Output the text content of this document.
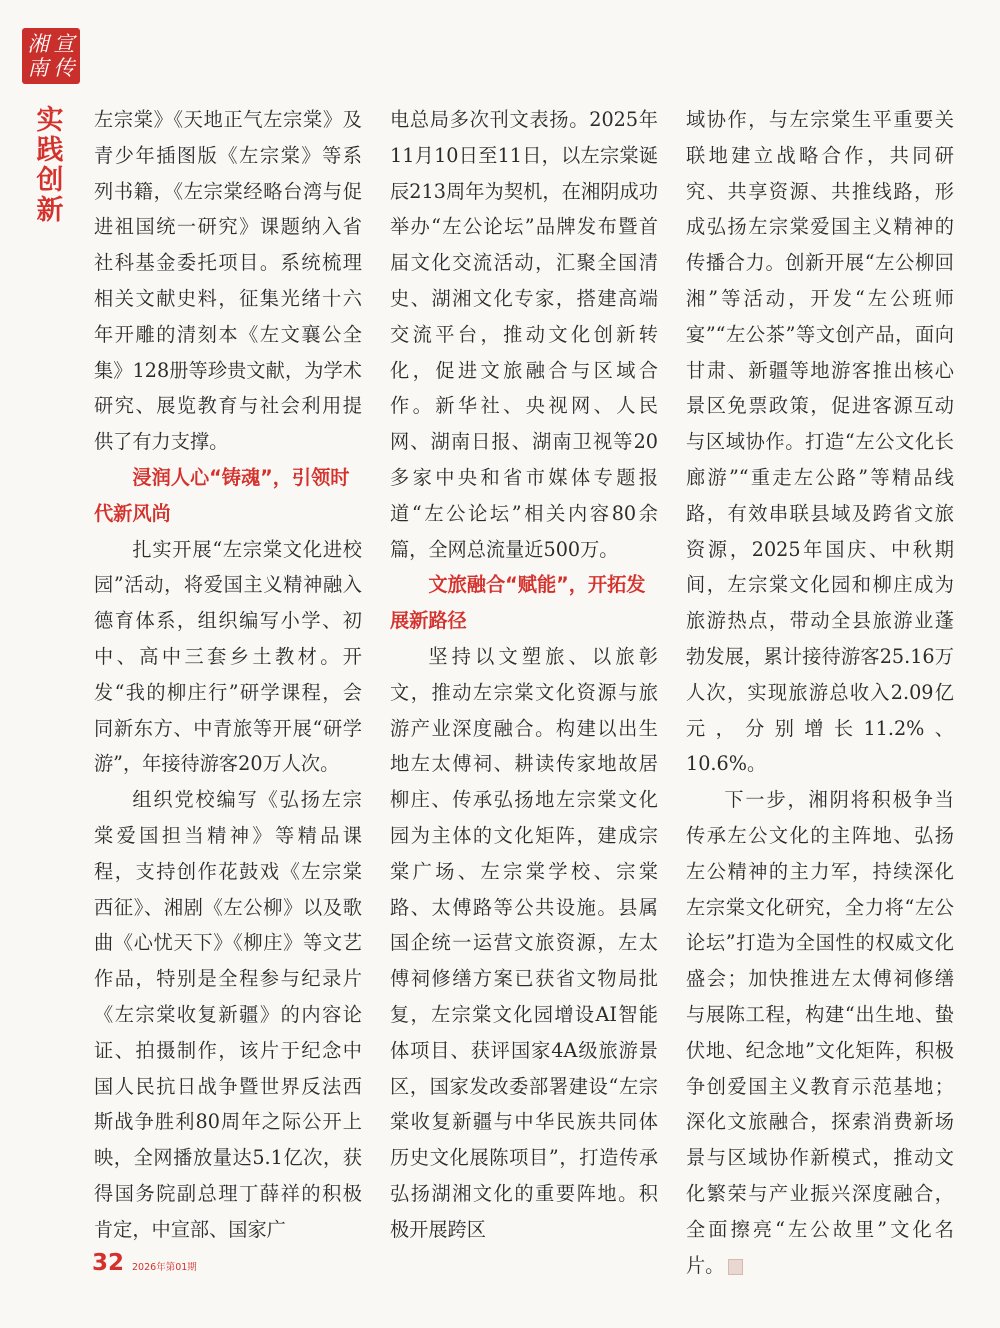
湘 宣
南 传
实
践
创
新

左宗棠》《天地正气左宗棠》及青少年插图版《左宗棠》等系列书籍，《左宗棠经略台湾与促进祖国统一研究》课题纳入省社科基金委托项目。系统梳理相关文献史料，征集光绪十六年开雕的清刻本《左文襄公全集》128册等珍贵文献，为学术研究、展览教育与社会利用提供了有力支撑。

浸润人心“铸魂”，引领时代新风尚

扎实开展“左宗棠文化进校园”活动，将爱国主义精神融入德育体系，组织编写小学、初中、高中三套乡土教材。开发“我的柳庄行”研学课程，会同新东方、中青旅等开展“研学游”，年接待游客20万人次。

组织党校编写《弘扬左宗棠爱国担当精神》等精品课程，支持创作花鼓戏《左宗棠西征》、湘剧《左公柳》以及歌曲《心忧天下》《柳庄》等文艺作品，特别是全程参与纪录片《左宗棠收复新疆》的内容论证、拍摄制作，该片于纪念中国人民抗日战争暨世界反法西斯战争胜利80周年之际公开上映，全网播放量达5.1亿次，获得国务院副总理丁薛祥的积极肯定，中宣部、国家广

电总局多次刊文表扬。2025年11月10日至11日，以左宗棠诞辰213周年为契机，在湘阴成功举办“左公论坛”品牌发布暨首届文化交流活动，汇聚全国清史、湖湘文化专家，搭建高端交流平台，推动文化创新转化，促进文旅融合与区域合作。新华社、央视网、人民网、湖南日报、湖南卫视等20多家中央和省市媒体专题报道“左公论坛”相关内容80余篇，全网总流量近500万。

文旅融合“赋能”，开拓发展新路径

坚持以文塑旅、以旅彰文，推动左宗棠文化资源与旅游产业深度融合。构建以出生地左太傅祠、耕读传家地故居柳庄、传承弘扬地左宗棠文化园为主体的文化矩阵，建成宗棠广场、左宗棠学校、宗棠路、太傅路等公共设施。县属国企统一运营文旅资源，左太傅祠修缮方案已获省文物局批复，左宗棠文化园增设AI智能体项目、获评国家4A级旅游景区，国家发改委部署建设“左宗棠收复新疆与中华民族共同体历史文化展陈项目”，打造传承弘扬湖湘文化的重要阵地。积极开展跨区

域协作，与左宗棠生平重要关联地建立战略合作，共同研究、共享资源、共推线路，形成弘扬左宗棠爱国主义精神的传播合力。创新开展“左公柳回湘”等活动，开发“左公班师宴”“左公茶”等文创产品，面向甘肃、新疆等地游客推出核心景区免票政策，促进客源互动与区域协作。打造“左公文化长廊游”“重走左公路”等精品线路，有效串联县域及跨省文旅资源，2025年国庆、中秋期间，左宗棠文化园和柳庄成为旅游热点，带动全县旅游业蓬勃发展，累计接待游客25.16万人次，实现旅游总收入2.09亿元，分别增长11.2%、10.6%。

下一步，湘阴将积极争当传承左公文化的主阵地、弘扬左公精神的主力军，持续深化左宗棠文化研究，全力将“左公论坛”打造为全国性的权威文化盛会；加快推进左太傅祠修缮与展陈工程，构建“出生地、蛰伏地、纪念地”文化矩阵，积极争创爱国主义教育示范基地；深化文旅融合，探索消费新场景与区域协作新模式，推动文化繁荣与产业振兴深度融合，全面擦亮“左公故里”文化名片。

32 2026年第01期
